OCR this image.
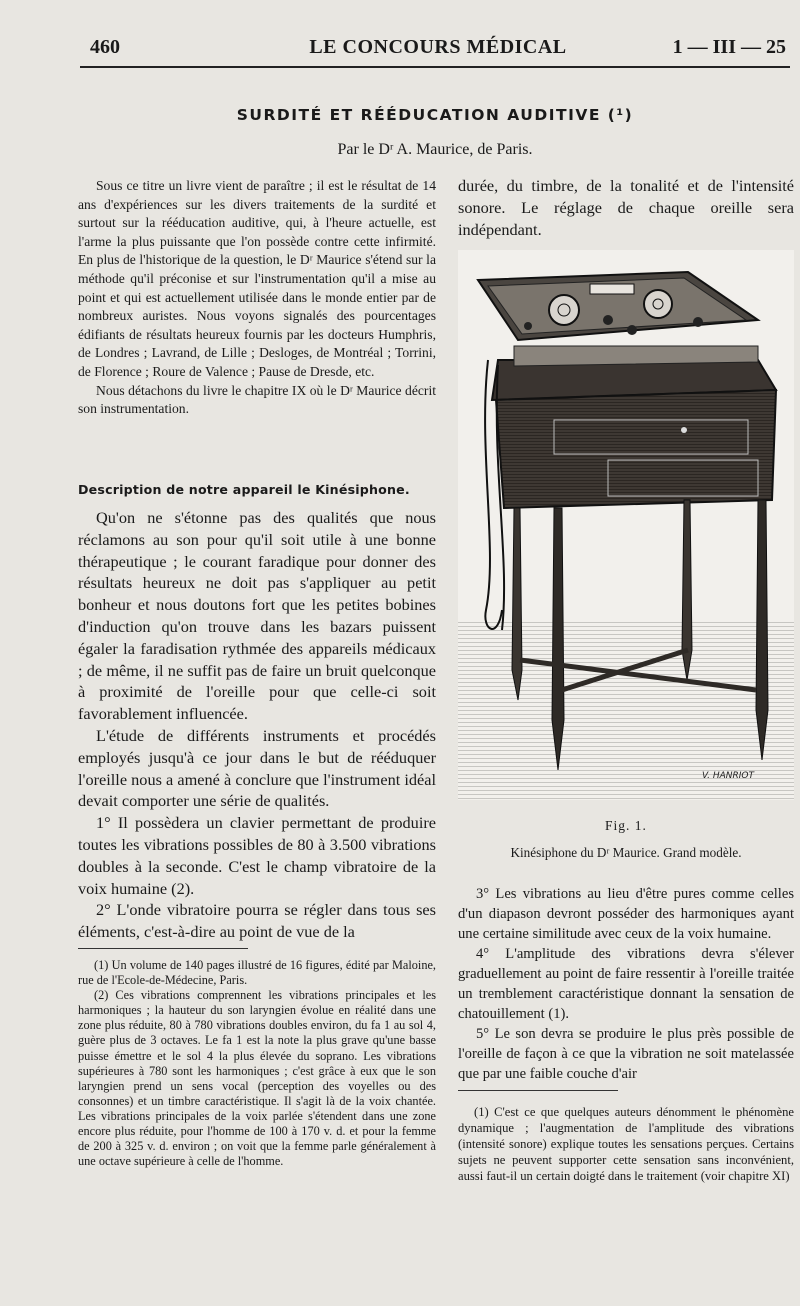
460	LE CONCOURS MÉDICAL	1 — III — 25
SURDITÉ ET RÉÉDUCATION AUDITIVE (¹)
Par le Dʳ A. Maurice, de Paris.

Sous ce titre un livre vient de paraître ; il est le résultat de 14 ans d'expériences sur les divers traitements de la surdité et surtout sur la rééducation auditive, qui, à l'heure actuelle, est l'arme la plus puissante que l'on possède contre cette infirmité. En plus de l'historique de la question, le Dʳ Maurice s'étend sur la méthode qu'il préconise et sur l'instrumentation qu'il a mise au point et qui est actuellement utilisée dans le monde entier par de nombreux auristes. Nous voyons signalés des pourcentages édifiants de résultats heureux fournis par les docteurs Humphris, de Londres ; Lavrand, de Lille ; Desloges, de Montréal ; Torrini, de Florence ; Roure de Valence ; Pause de Dresde, etc.

Nous détachons du livre le chapitre IX où le Dʳ Maurice décrit son instrumentation.

Description de notre appareil le Kinésiphone.

Qu'on ne s'étonne pas des qualités que nous réclamons au son pour qu'il soit utile à une bonne thérapeutique ; le courant faradique pour donner des résultats heureux ne doit pas s'appliquer au petit bonheur et nous doutons fort que les petites bobines d'induction qu'on trouve dans les bazars puissent égaler la faradisation rythmée des appareils médicaux ; de même, il ne suffit pas de faire un bruit quelconque à proximité de l'oreille pour que celle-ci soit favorablement influencée.

L'étude de différents instruments et procédés employés jusqu'à ce jour dans le but de rééduquer l'oreille nous a amené à conclure que l'instrument idéal devait comporter une série de qualités.

1° Il possèdera un clavier permettant de produire toutes les vibrations possibles de 80 à 3.500 vibrations doubles à la seconde. C'est le champ vibratoire de la voix humaine (2).

2° L'onde vibratoire pourra se régler dans tous ses éléments, c'est-à-dire au point de vue de la

(1) Un volume de 140 pages illustré de 16 figures, édité par Maloine, rue de l'Ecole-de-Médecine, Paris.

(2) Ces vibrations comprennent les vibrations principales et les harmoniques ; la hauteur du son laryngien évolue en réalité dans une zone plus réduite, 80 à 780 vibrations doubles environ, du fa 1 au sol 4, guère plus de 3 octaves. Le fa 1 est la note la plus grave qu'une basse puisse émettre et le sol 4 la plus élevée du soprano. Les vibrations supérieures à 780 sont les harmoniques ; c'est grâce à eux que le son laryngien prend un sens vocal (perception des voyelles ou des consonnes) et un timbre caractéristique. Il s'agit là de la voix chantée. Les vibrations principales de la voix parlée s'étendent dans une zone encore plus réduite, pour l'homme de 100 à 170 v. d. et pour la femme de 200 à 325 v. d. environ ; on voit que la femme parle généralement à une octave supérieure à celle de l'homme.

durée, du timbre, de la tonalité et de l'intensité sonore. Le réglage de chaque oreille sera indépendant.

V. HANRIOT
Fig. 1.
Kinésiphone du Dʳ Maurice. Grand modèle.

3° Les vibrations au lieu d'être pures comme celles d'un diapason devront posséder des harmoniques ayant une certaine similitude avec ceux de la voix humaine.

4° L'amplitude des vibrations devra s'élever graduellement au point de faire ressentir à l'oreille traitée un tremblement caractéristique donnant la sensation de chatouillement (1).

5° Le son devra se produire le plus près possible de l'oreille de façon à ce que la vibration ne soit matelassée que par une faible couche d'air

(1) C'est ce que quelques auteurs dénomment le phénomène dynamique ; l'augmentation de l'amplitude des vibrations (intensité sonore) explique toutes les sensations perçues. Certains sujets ne peuvent supporter cette sensation sans inconvénient, aussi faut-il un certain doigté dans le traitement (voir chapitre XI)
